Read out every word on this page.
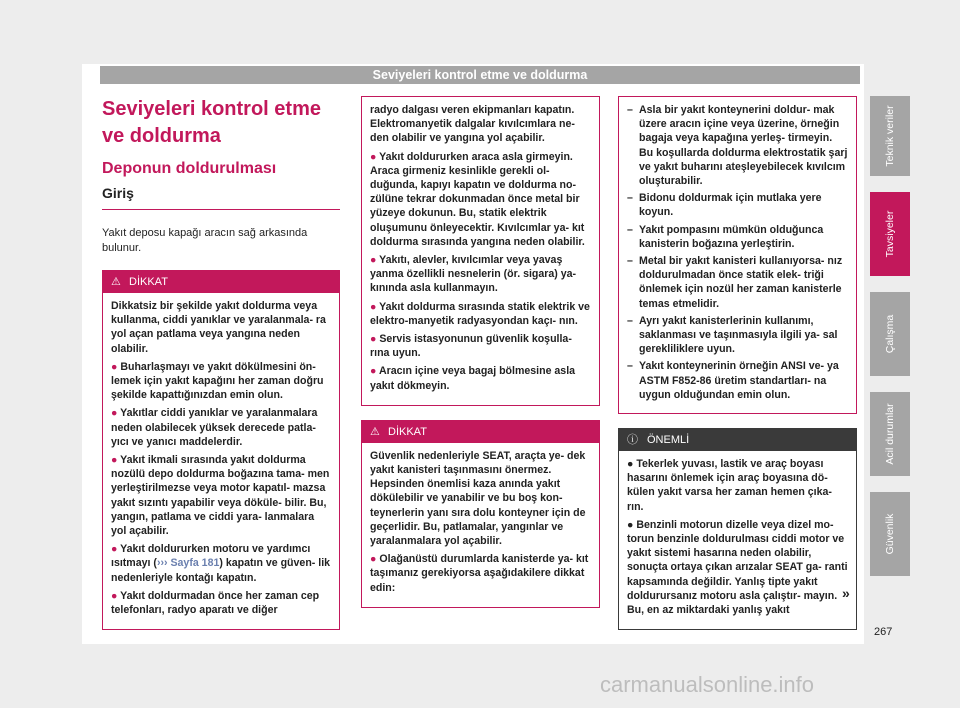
Seviyeleri kontrol etme ve doldurma
Seviyeleri kontrol etme
ve doldurma
Deponun doldurulması
Giriş
Yakıt deposu kapağı aracın sağ arkasında bulunur.
⚠ DİKKAT

Dikkatsiz bir şekilde yakıt doldurma veya kullanma, ciddi yanıklar ve yaralanmala- ra yol açan patlama veya yangına neden olabilir.

● Buharlaşmayı ve yakıt dökülmesini ön- lemek için yakıt kapağını her zaman doğru şekilde kapattığınızdan emin olun.

● Yakıtlar ciddi yanıklar ve yaralanmalara neden olabilecek yüksek derecede patla- yıcı ve yanıcı maddelerdir.

● Yakıt ikmali sırasında yakıt doldurma nozülü depo doldurma boğazına tama- men yerleştirilmezse veya motor kapatıl- mazsa yakıt sızıntı yapabilir veya döküle- bilir. Bu, yangın, patlama ve ciddi yara- lanmalara yol açabilir.

● Yakıt doldururken motoru ve yardımcı ısıtmayı (››› Sayfa 181) kapatın ve güven- lik nedenleriyle kontağı kapatın.

● Yakıt doldurmadan önce her zaman cep telefonları, radyo aparatı ve diğer

radyo dalgası veren ekipmanları kapatın. Elektromanyetik dalgalar kıvılcımlara ne- den olabilir ve yangına yol açabilir.

● Yakıt doldururken araca asla girmeyin. Araca girmeniz kesinlikle gerekli ol- duğunda, kapıyı kapatın ve doldurma no- zülüne tekrar dokunmadan önce metal bir yüzeye dokunun. Bu, statik elektrik oluşumunu önleyecektir. Kıvılcımlar ya- kıt doldurma sırasında yangına neden olabilir.

● Yakıtı, alevler, kıvılcımlar veya yavaş yanma özellikli nesnelerin (ör. sigara) ya- kınında asla kullanmayın.

● Yakıt doldurma sırasında statik elektrik ve elektro-manyetik radyasyondan kaçı- nın.

● Servis istasyonunun güvenlik koşulla- rına uyun.

● Aracın içine veya bagaj bölmesine asla yakıt dökmeyin.

⚠ DİKKAT

Güvenlik nedenleriyle SEAT, araçta ye- dek yakıt kanisteri taşınmasını önermez. Hepsinden önemlisi kaza anında yakıt dökülebilir ve yanabilir ve bu boş kon- teynerlerin yanı sıra dolu konteyner için de geçerlidir. Bu, patlamalar, yangınlar ve yaralanmalara yol açabilir.

● Olağanüstü durumlarda kanisterde ya- kıt taşımanız gerekiyorsa aşağıdakilere dikkat edin:

– Asla bir yakıt konteynerini doldur- mak üzere aracın içine veya üzerine, örneğin bagaja veya kapağına yerleş- tirmeyin. Bu koşullarda doldurma elektrostatik şarj ve yakıt buharını ateşleyebilecek kıvılcım oluşturabilir.
– Bidonu doldurmak için mutlaka yere koyun.
– Yakıt pompasını mümkün olduğunca kanisterin boğazına yerleştirin.
– Metal bir yakıt kanisteri kullanıyorsa- nız doldurulmadan önce statik elek- triği önlemek için nozül her zaman kanisterle temas etmelidir.
– Ayrı yakıt kanisterlerinin kullanımı, saklanması ve taşınmasıyla ilgili ya- sal gerekliliklere uyun.
– Yakıt konteynerinin örneğin ANSI ve- ya ASTM F852-86 üretim standartları- na uygun olduğundan emin olun.
ⓘ ÖNEMLİ

● Tekerlek yuvası, lastik ve araç boyası hasarını önlemek için araç boyasına dö- külen yakıt varsa her zaman hemen çıka- rın.

● Benzinli motorun dizelle veya dizel mo- torun benzinle doldurulması ciddi motor ve yakıt sistemi hasarına neden olabilir, sonuçta ortaya çıkan arızalar SEAT ga- ranti kapsamında değildir. Yanlış tipte yakıt doldurursanız motoru asla çalıştır- mayın. Bu, en az miktardaki yanlış yakıt

»
Teknik veriler
Tavsiyeler
Çalışma
Acil durumlar
Güvenlik
267
carmanualsonline.info
